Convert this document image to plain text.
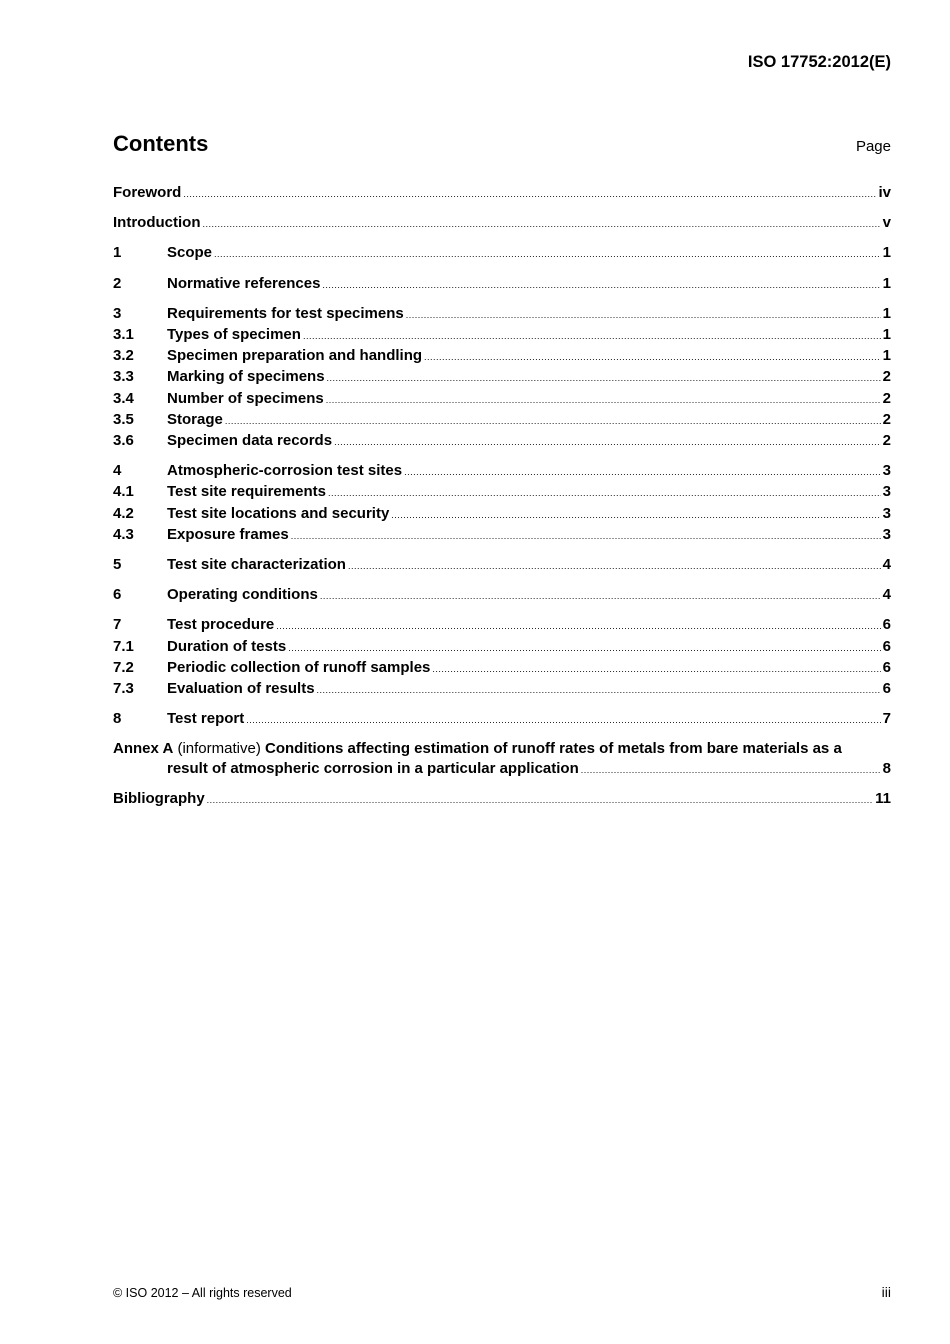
ISO 17752:2012(E)
Contents	Page
Foreword .....	iv
Introduction .....	v
1	Scope .....	1
2	Normative references .....	1
3	Requirements for test specimens .....	1
3.1	Types of specimen .....	1
3.2	Specimen preparation and handling .....	1
3.3	Marking of specimens .....	2
3.4	Number of specimens .....	2
3.5	Storage .....	2
3.6	Specimen data records .....	2
4	Atmospheric-corrosion test sites .....	3
4.1	Test site requirements .....	3
4.2	Test site locations and security .....	3
4.3	Exposure frames .....	3
5	Test site characterization .....	4
6	Operating conditions .....	4
7	Test procedure .....	6
7.1	Duration of tests .....	6
7.2	Periodic collection of runoff samples .....	6
7.3	Evaluation of results .....	6
8	Test report .....	7
Annex A (informative) Conditions affecting estimation of runoff rates of metals from bare materials as a
result of atmospheric corrosion in a particular application .....	8
Bibliography .....	11
© ISO 2012 – All rights reserved	iii
